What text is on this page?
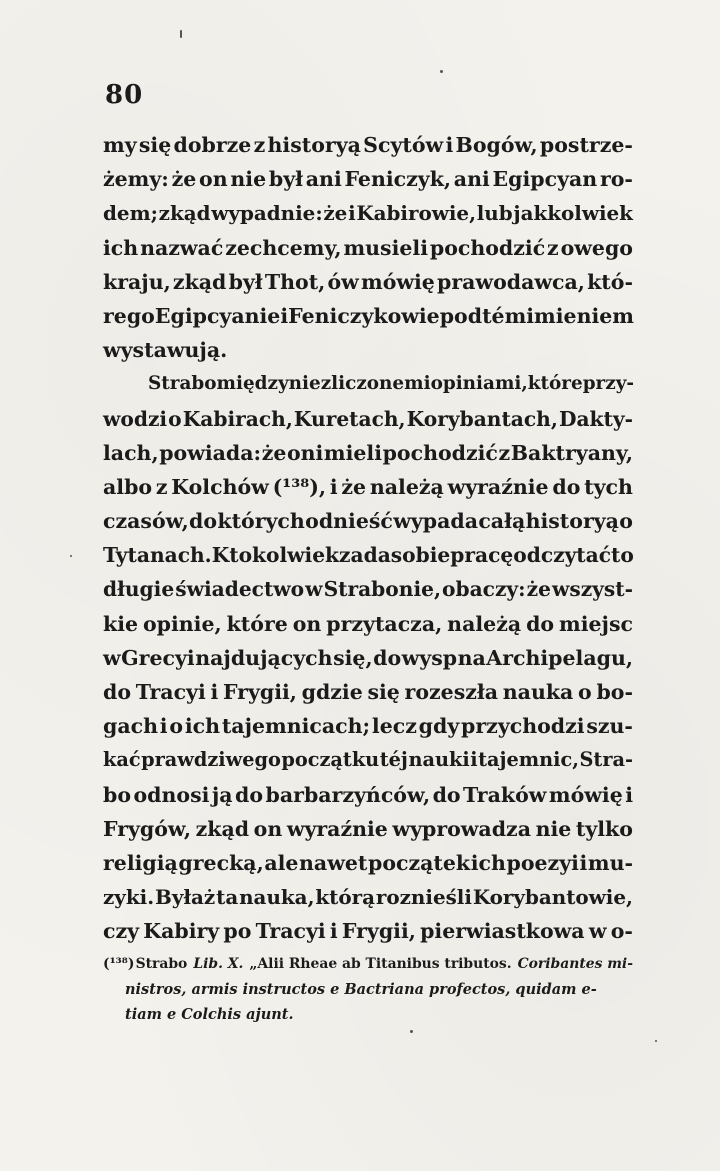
80
my się dobrze z historyą Scytów i Bogów, postrze-
żemy: że on nie był ani Feniczyk, ani Egipcyan ro-
dem; zkąd wypadnie: że i Kabirowie, lub jakkolwiek
ich nazwać zechcemy, musieli pochodzić z owego
kraju, zkąd był Thot, ów mówię prawodawca, któ-
rego Egipcyanie i Feniczykowie pod tém imieniem
wystawują.
Strabo między niezliczonemi opiniami, które przy-
wodzi o Kabirach, Kuretach, Korybantach, Dakty-
lach, powiada: że oni mieli pochodzić z Baktryany,
albo z Kolchów (¹³⁸), i że należą wyraźnie do tych
czasów, do których odnieść wypada całą historyą o
Tytanach. Ktokolwiek zada sobie pracę odczytać to
długie świadectwo w Strabonie, obaczy: że wszyst-
kie opinie, które on przytacza, należą do miejsc
w Grecyi najdujących się, do wysp na Archipelagu,
do Tracyi i Frygii, gdzie się rozeszła nauka o bo-
gach i o ich tajemnicach; lecz gdy przychodzi szu-
kać prawdziwego początku téj nauki i tajemnic, Stra-
bo odnosi ją do barbarzyńców, do Traków mówię i
Frygów, zkąd on wyraźnie wyprowadza nie tylko
religią grecką, ale nawet początek ich poezyi i mu-
zyki. Byłaż ta nauka, którą roznieśli Korybantowie,
czy Kabiry po Tracyi i Frygii, pierwiastkowa w o-
(¹³⁸) Strabo Lib. X. „Alii Rheae ab Titanibus tributos. Coribantes mi-
nistros, armis instructos e Bactriana profectos, quidam e-
tiam e Colchis ajunt.
